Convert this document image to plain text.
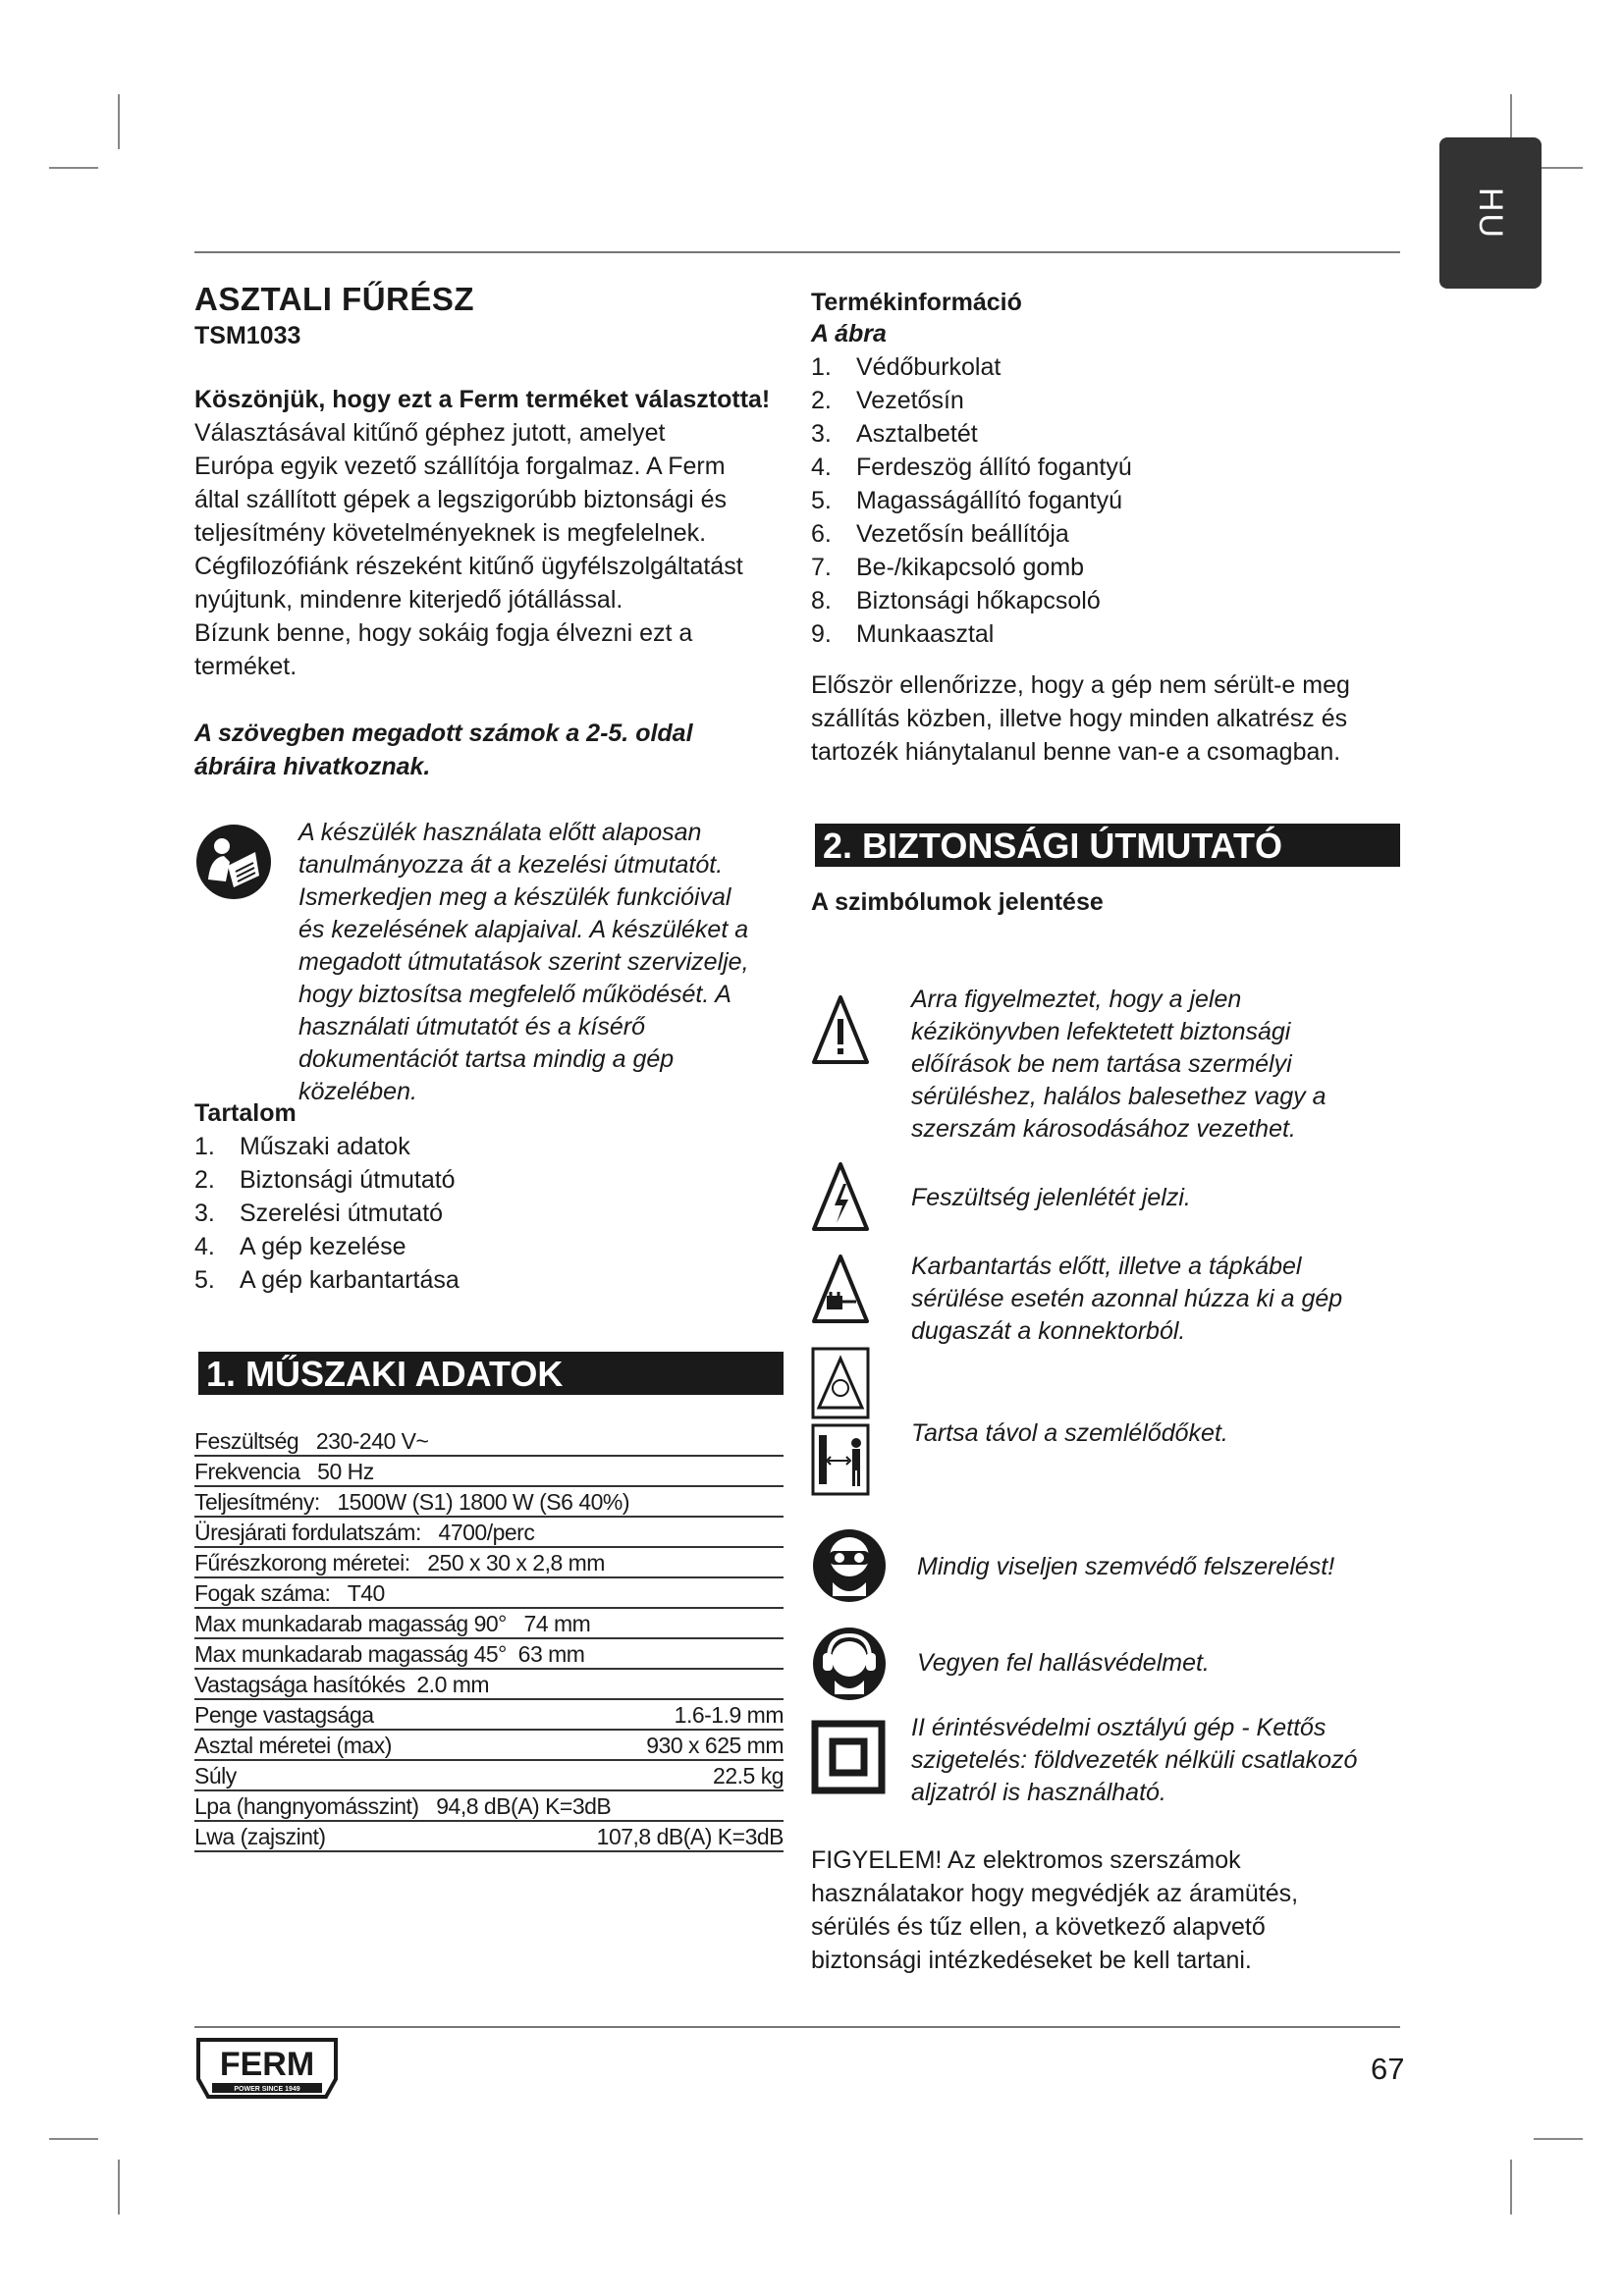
HU
ASZTALI FŰRÉSZ
TSM1033
Köszönjük, hogy ezt a Ferm terméket választotta!
Választásával kitűnő géphez jutott, amelyet
Európa egyik vezető szállítója forgalmaz. A Ferm
által szállított gépek a legszigorúbb biztonsági és
teljesítmény követelményeknek is megfelelnek.
Cégfilozófiánk részeként kitűnő ügyfélszolgáltatást
nyújtunk, mindenre kiterjedő jótállással.
Bízunk benne, hogy sokáig fogja élvezni ezt a
terméket.
A szövegben megadott számok a 2-5. oldal
ábráira hivatkoznak.
A készülék használata előtt alaposan
tanulmányozza át a kezelési útmutatót.
Ismerkedjen meg a készülék funkcióival
és kezelésének alapjaival. A készüléket a
megadott útmutatások szerint szervizelje,
hogy biztosítsa megfelelő működését. A
használati útmutatót és a kísérő
dokumentációt tartsa mindig a gép
közelében.
Tartalom
1.	Műszaki adatok
2.	Biztonsági útmutató
3.	Szerelési útmutató
4.	A gép kezelése
5.	A gép karbantartása
1. MŰSZAKI ADATOK
Feszültség   230-240 V~
Frekvencia   50 Hz
Teljesítmény:   1500W (S1) 1800 W (S6 40%)
Üresjárati fordulatszám:   4700/perc
Fűrészkorong méretei:   250 x 30 x 2,8 mm
Fogak száma:   T40
Max munkadarab magasság 90°   74 mm
Max munkadarab magasság 45°  63 mm
Vastagsága hasítókés  2.0 mm
Penge vastagsága	1.6-1.9 mm
Asztal méretei (max)	930 x 625 mm
Súly	22.5 kg
Lpa (hangnyomásszint)   94,8 dB(A) K=3dB
Lwa (zajszint)	107,8 dB(A) K=3dB
Termékinformáció
A ábra
1.	Védőburkolat
2.	Vezetősín
3.	Asztalbetét
4.	Ferdeszög állító fogantyú
5.	Magasságállító fogantyú
6.	Vezetősín beállítója
7.	Be-/kikapcsoló gomb
8.	Biztonsági hőkapcsoló
9.	Munkaasztal
Először ellenőrizze, hogy a gép nem sérült-e meg
szállítás közben, illetve hogy minden alkatrész és
tartozék hiánytalanul benne van-e a csomagban.
2. BIZTONSÁGI ÚTMUTATÓ
A szimbólumok jelentése
Arra figyelmeztet, hogy a jelen
kézikönyvben lefektetett biztonsági
előírások be nem tartása szermélyi
sérüléshez, halálos balesethez vagy a
szerszám károsodásához vezethet.
Feszültség jelenlétét jelzi.
Karbantartás előtt, illetve a tápkábel
sérülése esetén azonnal húzza ki a gép
dugaszát a konnektorból.
Tartsa távol a szemlélődőket.
Mindig viseljen szemvédő felszerelést!
Vegyen fel hallásvédelmet.
II érintésvédelmi osztályú gép - Kettős
szigetelés: földvezeték nélküli csatlakozó
aljzatról is használható.
FIGYELEM! Az elektromos szerszámok
használatakor hogy megvédjék az áramütés,
sérülés és tűz ellen, a következő alapvető
biztonsági intézkedéseket be kell tartani.
FERM
POWER SINCE 1949
67
